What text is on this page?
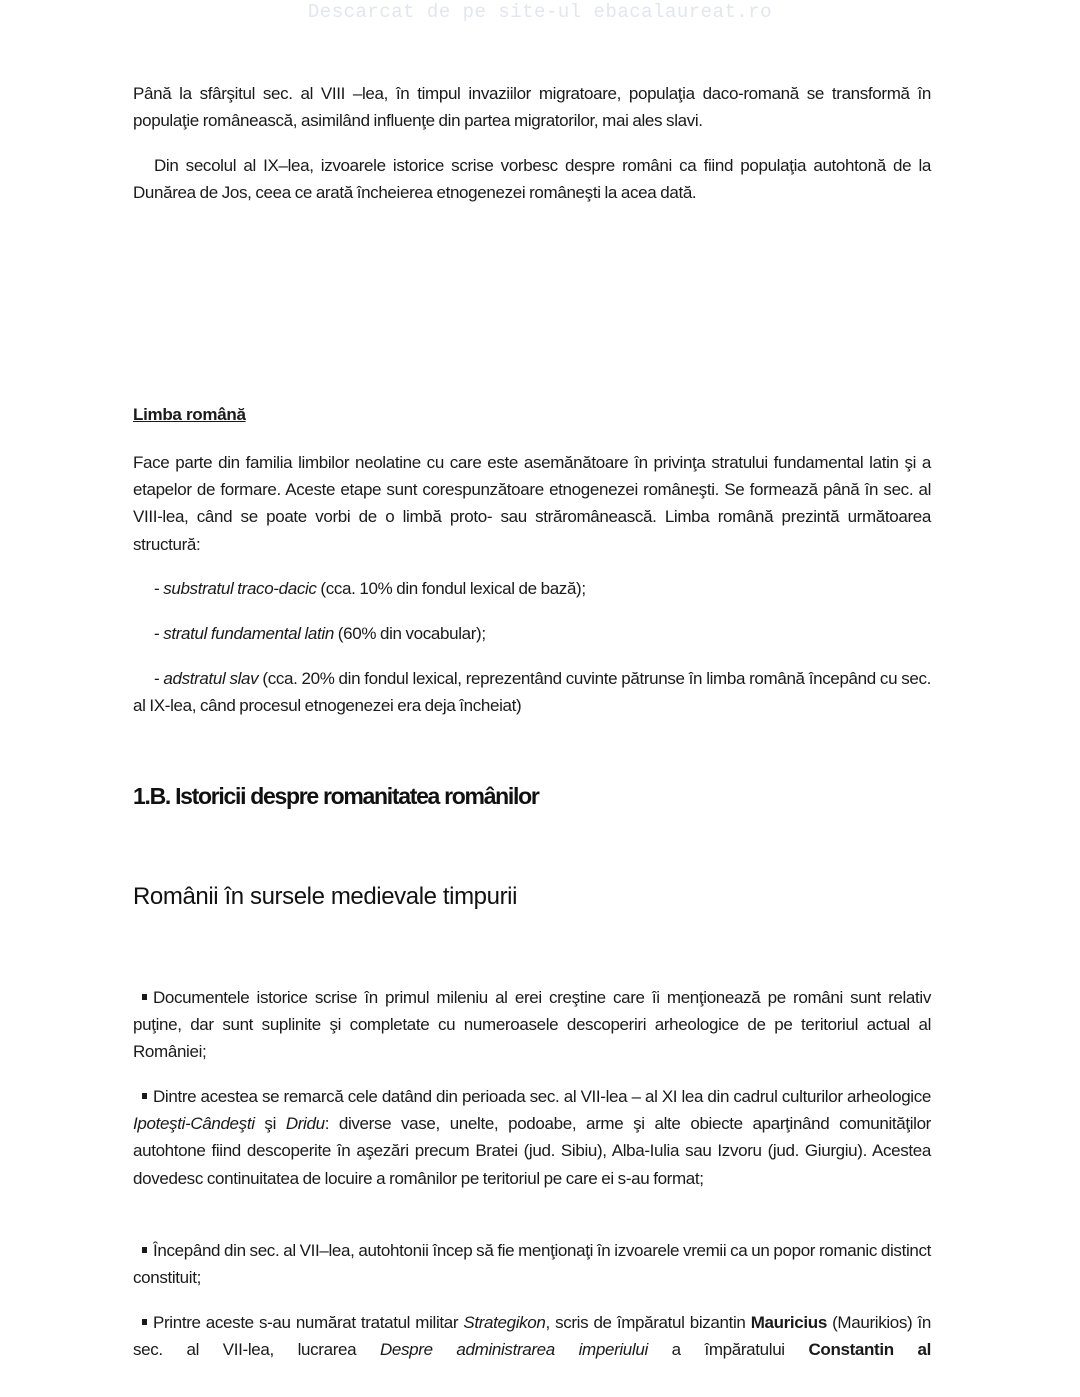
Descarcat de pe site-ul ebacalaureat.ro

Până la sfârşitul sec. al VIII –lea, în timpul invaziilor migratoare, populaţia daco-romană se transformă în populaţie românească, asimilând influenţe din partea migratorilor, mai ales slavi.

Din secolul al IX–lea, izvoarele istorice scrise vorbesc despre români ca fiind populaţia autohtonă de la Dunărea de Jos, ceea ce arată încheierea etnogenezei româneşti la acea dată.

Limba română

Face parte din familia limbilor neolatine cu care este asemănătoare în privinţa stratului fundamental latin şi a etapelor de formare. Aceste etape sunt corespunzătoare etnogenezei româneşti. Se formează până în sec. al VIII-lea, când se poate vorbi de o limbă proto- sau străromânească. Limba română prezintă următoarea structură:

- substratul traco-dacic (cca. 10% din fondul lexical de bază);

- stratul fundamental latin (60% din vocabular);

- adstratul slav (cca. 20% din fondul lexical, reprezentând cuvinte pătrunse în limba română începând cu sec. al IX-lea, când procesul etnogenezei era deja încheiat)

1.B. Istoricii despre romanitatea românilor
Românii în sursele medievale timpurii

Documentele istorice scrise în primul mileniu al erei creştine care îi menţionează pe români sunt relativ puţine, dar sunt suplinite şi completate cu numeroasele descoperiri arheologice de pe teritoriul actual al României;

Dintre acestea se remarcă cele datând din perioada sec. al VII-lea – al XI lea din cadrul culturilor arheologice Ipoteşti-Cândeşti şi Dridu: diverse vase, unelte, podoabe, arme şi alte obiecte aparţinând comunităţilor autohtone fiind descoperite în aşezări precum Bratei (jud. Sibiu), Alba-Iulia sau Izvoru (jud. Giurgiu). Acestea dovedesc continuitatea de locuire a românilor pe teritoriul pe care ei s-au format;

Începând din sec. al VII–lea, autohtonii încep să fie menţionaţi în izvoarele vremii ca un popor romanic distinct constituit;

Printre aceste s-au numărat tratatul militar Strategikon, scris de împăratul bizantin Mauricius (Maurikios) în sec. al VII-lea, lucrarea Despre administrarea imperiului a împăratului Constantin al
